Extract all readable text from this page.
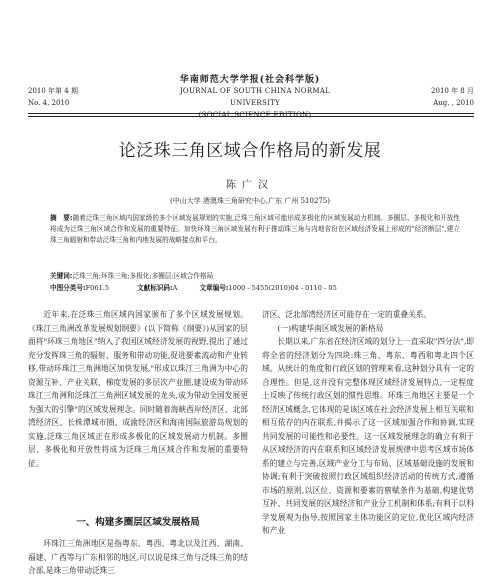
华南师范大学学报(社会科学版)
2010 年第 4 期
No. 4, 2010
JOURNAL OF SOUTH CHINA NORMAL UNIVERSITY
(SOCIAL SCIENCE EDITION)
2010 年 8 月
Aug. , 2010
论泛珠三角区域合作格局的新发展
陈广汉
(中山大学 港澳珠三角研究中心,广东 广州 510275)
摘　要:随着泛珠三角区域内国家级的多个区域发展规划的实施,泛珠三角区域可能形成多极化的区域发展动力机制。多圈层、多极化和开放性将成为泛珠三角区域合作和发展的重要特征。加快环珠三角区域发展有利于推动珠三角与内地省份在区域经济发展上形成的"经济断层",建立珠三角辐射和带动泛珠三角和内地发展的战略接点和平台。
关键词:泛珠三角;环珠三角;多极化;多圈层;区域合作格局
中图分类号:F061.5	文献标识码:A	文章编号:1000 - 5455(2010)04 - 0110 - 05

近年来,在泛珠三角区域内国家颁布了多个区域发展规划。《珠江三角洲改革发展规划纲要》(以下简称《纲要》)从国家的层面将"环珠三角地区"纳入了我国区域经济发展的视野,提出了通过充分发挥珠三角的辐射、服务和带动功能,促进要素流动和产业转移,带动环珠江三角洲地区加快发展,"形成以珠江三角洲为中心的资源互补、产业关联、梯度发展的多层次产业圈,建设成为带动环珠江三角洲和泛珠江三角洲区域发展的龙头,成为带动全国发展更为强大的引擎"的区域发展理念。同时随着海峡西岸经济区、北部湾经济区、长株潭城市圈、成渝经济区和海南国际旅游岛规划的实施,泛珠三角区域正在形成多极化的区域发展动力机制。多圈层、多极化和开放性将成为泛珠三角区域合作和发展的重要特征。

一、构建多圈层区域发展格局

环珠江三角洲地区是指粤东、粤西、粤北以及江西、湖南、福建、广西等与广东相邻的地区,可以说是珠三角与泛珠三角的结合部,是珠三角带动泛珠三

济区、泛北部湾经济区可能存在一定的重叠关系。

(一)构建华南区域发展的新格局

长期以来,广东省在经济区域的划分上一直采取"四分法",即将全省的经济划分为四块:珠三角、粤东、粤西和粤北四个区域。从统计的角度和行政区划的管理来看,这种划分具有一定的合理性。但是,这并没有完整体现区域经济发展特点,一定程度上反映了传统行政区划的惯性思维。环珠三角地区主要是一个经济区域概念,它体现的是该区域在社会经济发展上相互关联和相互依存的内在联系,并揭示了这一区域加强合作和协调,实现共同发展的可能性和必要性。这一区域发展理念的确立有利于从区域经济的内在联系和区域经济发展规律中思考区域市场体系的建立与完善,区域产业分工与布局、区域基础设施的发展和协调;有利于突破按照行政区域组织经济活动的传统方式,遵循市场的原则,以区位、资源和要素的禀赋条件为基础,构建优势互补、共同发展的区域经济和产业分工机制和体系;有利于以科学发展观为指导,按照国家主体功能区的定位,优化区域内经济和产业
